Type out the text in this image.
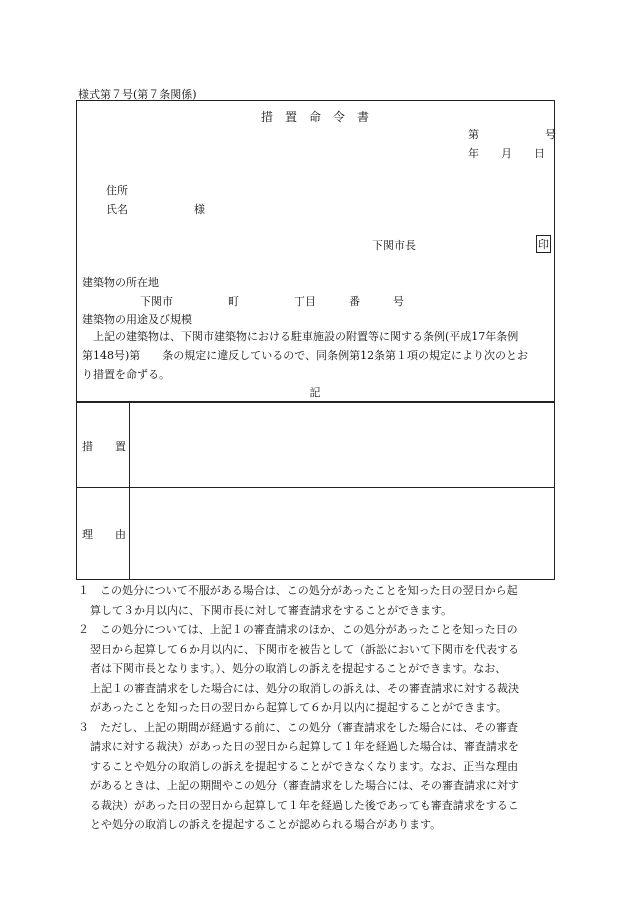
様式第７号(第７条関係)
措　置　命　令　書
第　　　　　　号
年　　月　　日
住所
氏名　　　　　　様
下関市長	印
建築物の所在地
下関市　　　　　町　　　　　丁目　　　番　　　号
建築物の用途及び規模
　上記の建築物は、下関市建築物における駐車施設の附置等に関する条例(平成17年条例
第148号)第　　条の規定に違反しているので、同条例第12条第１項の規定により次のとお
り措置を命ずる。
記
措　　置
理　　由
１ この処分について不服がある場合は、この処分があったことを知った日の翌日から起
算して３か月以内に、下関市長に対して審査請求をすることができます。
２ この処分については、上記１の審査請求のほか、この処分があったことを知った日の
翌日から起算して６か月以内に、下関市を被告として（訴訟において下関市を代表する
者は下関市長となります。）、処分の取消しの訴えを提起することができます。なお、
上記１の審査請求をした場合には、処分の取消しの訴えは、その審査請求に対する裁決
があったことを知った日の翌日から起算して６か月以内に提起することができます。
３ ただし、上記の期間が経過する前に、この処分（審査請求をした場合には、その審査
請求に対する裁決）があった日の翌日から起算して１年を経過した場合は、審査請求を
することや処分の取消しの訴えを提起することができなくなります。なお、正当な理由
があるときは、上記の期間やこの処分（審査請求をした場合には、その審査請求に対す
る裁決）があった日の翌日から起算して１年を経過した後であっても審査請求をするこ
とや処分の取消しの訴えを提起することが認められる場合があります。
